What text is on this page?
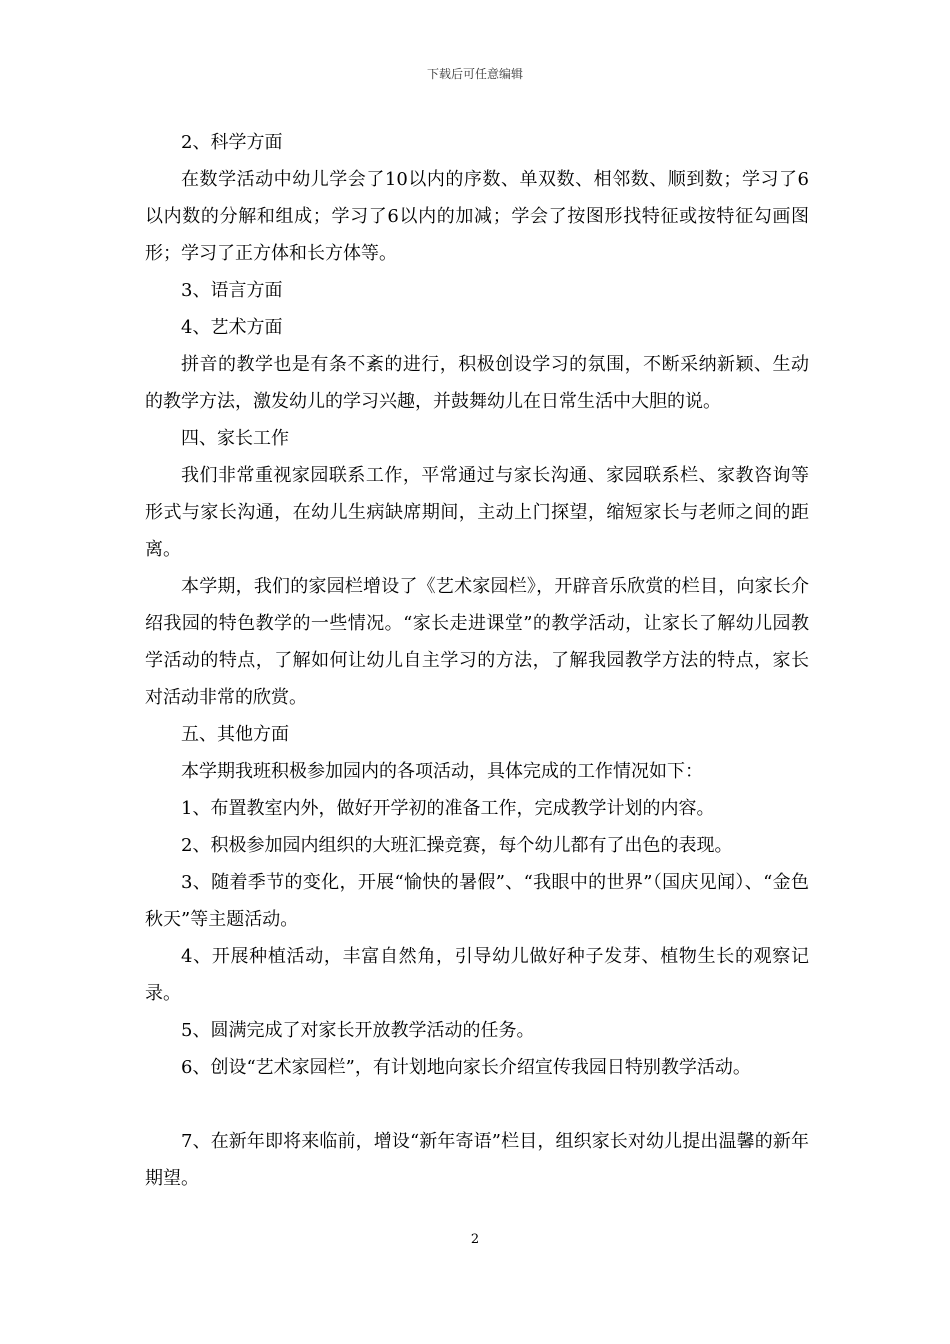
下载后可任意编辑

2、科学方面

在数学活动中幼儿学会了10以内的序数、单双数、相邻数、顺到数；学习了6以内数的分解和组成；学习了6以内的加减；学会了按图形找特征或按特征勾画图形；学习了正方体和长方体等。

3、语言方面

4、艺术方面

拼音的教学也是有条不紊的进行，积极创设学习的氛围，不断采纳新颖、生动的教学方法，激发幼儿的学习兴趣，并鼓舞幼儿在日常生活中大胆的说。

四、家长工作

我们非常重视家园联系工作，平常通过与家长沟通、家园联系栏、家教咨询等形式与家长沟通，在幼儿生病缺席期间，主动上门探望，缩短家长与老师之间的距离。

本学期，我们的家园栏增设了《艺术家园栏》，开辟音乐欣赏的栏目，向家长介绍我园的特色教学的一些情况。“家长走进课堂”的教学活动，让家长了解幼儿园教学活动的特点，了解如何让幼儿自主学习的方法，了解我园教学方法的特点，家长对活动非常的欣赏。

五、其他方面

本学期我班积极参加园内的各项活动，具体完成的工作情况如下：

1、布置教室内外，做好开学初的准备工作，完成教学计划的内容。

2、积极参加园内组织的大班汇操竞赛，每个幼儿都有了出色的表现。

3、随着季节的变化，开展“愉快的暑假”、“我眼中的世界”（国庆见闻）、“金色秋天”等主题活动。

4、开展种植活动，丰富自然角，引导幼儿做好种子发芽、植物生长的观察记录。

5、圆满完成了对家长开放教学活动的任务。

6、创设“艺术家园栏”，有计划地向家长介绍宣传我园日特别教学活动。

7、在新年即将来临前，增设“新年寄语”栏目，组织家长对幼儿提出温馨的新年期望。

2
